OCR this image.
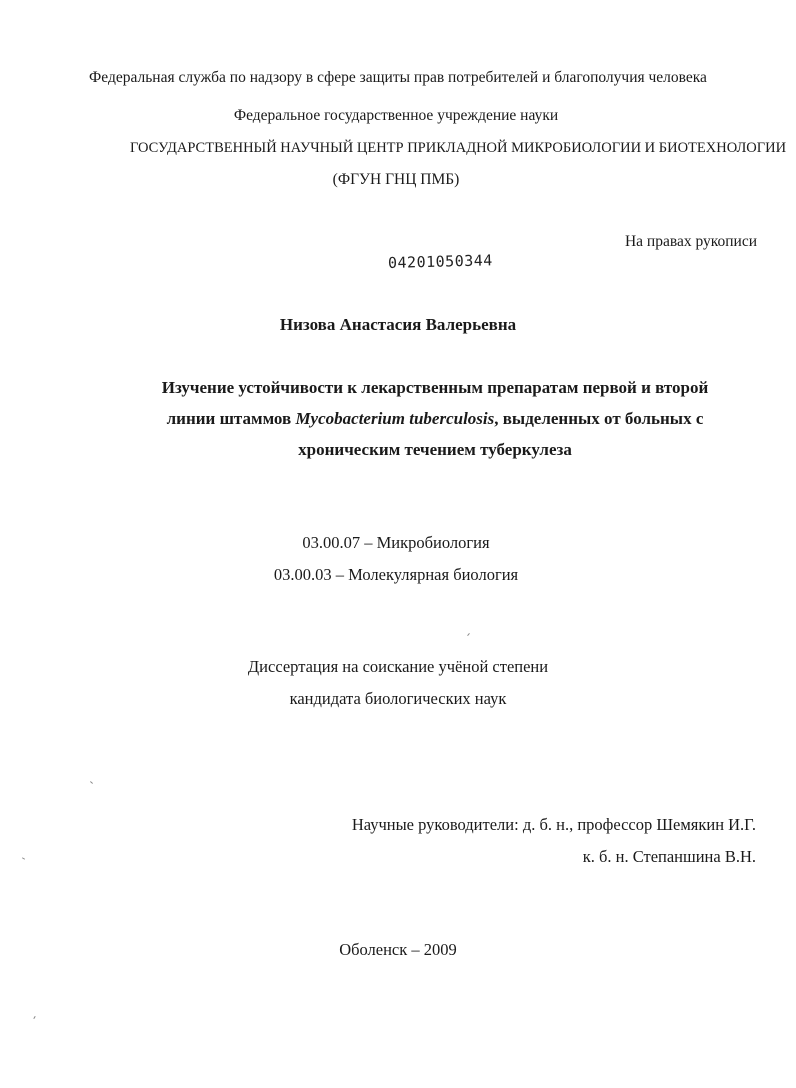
Федеральная служба по надзору в сфере защиты прав потребителей и благополучия человека
Федеральное государственное учреждение науки
ГОСУДАРСТВЕННЫЙ НАУЧНЫЙ ЦЕНТР ПРИКЛАДНОЙ МИКРОБИОЛОГИИ И БИОТЕХНОЛОГИИ
(ФГУН ГНЦ ПМБ)
На правах рукописи
04201050344
Низова Анастасия Валерьевна
Изучение устойчивости к лекарственным препаратам первой и второй
линии штаммов Mycobacterium tuberculosis, выделенных от больных с
хроническим течением туберкулеза
03.00.07 – Микробиология
03.00.03 – Молекулярная биология
Диссертация на соискание учёной степени
кандидата биологических наук
Научные руководители: д. б. н., профессор Шемякин И.Г.
к. б. н. Степаншина В.Н.
Оболенск – 2009
